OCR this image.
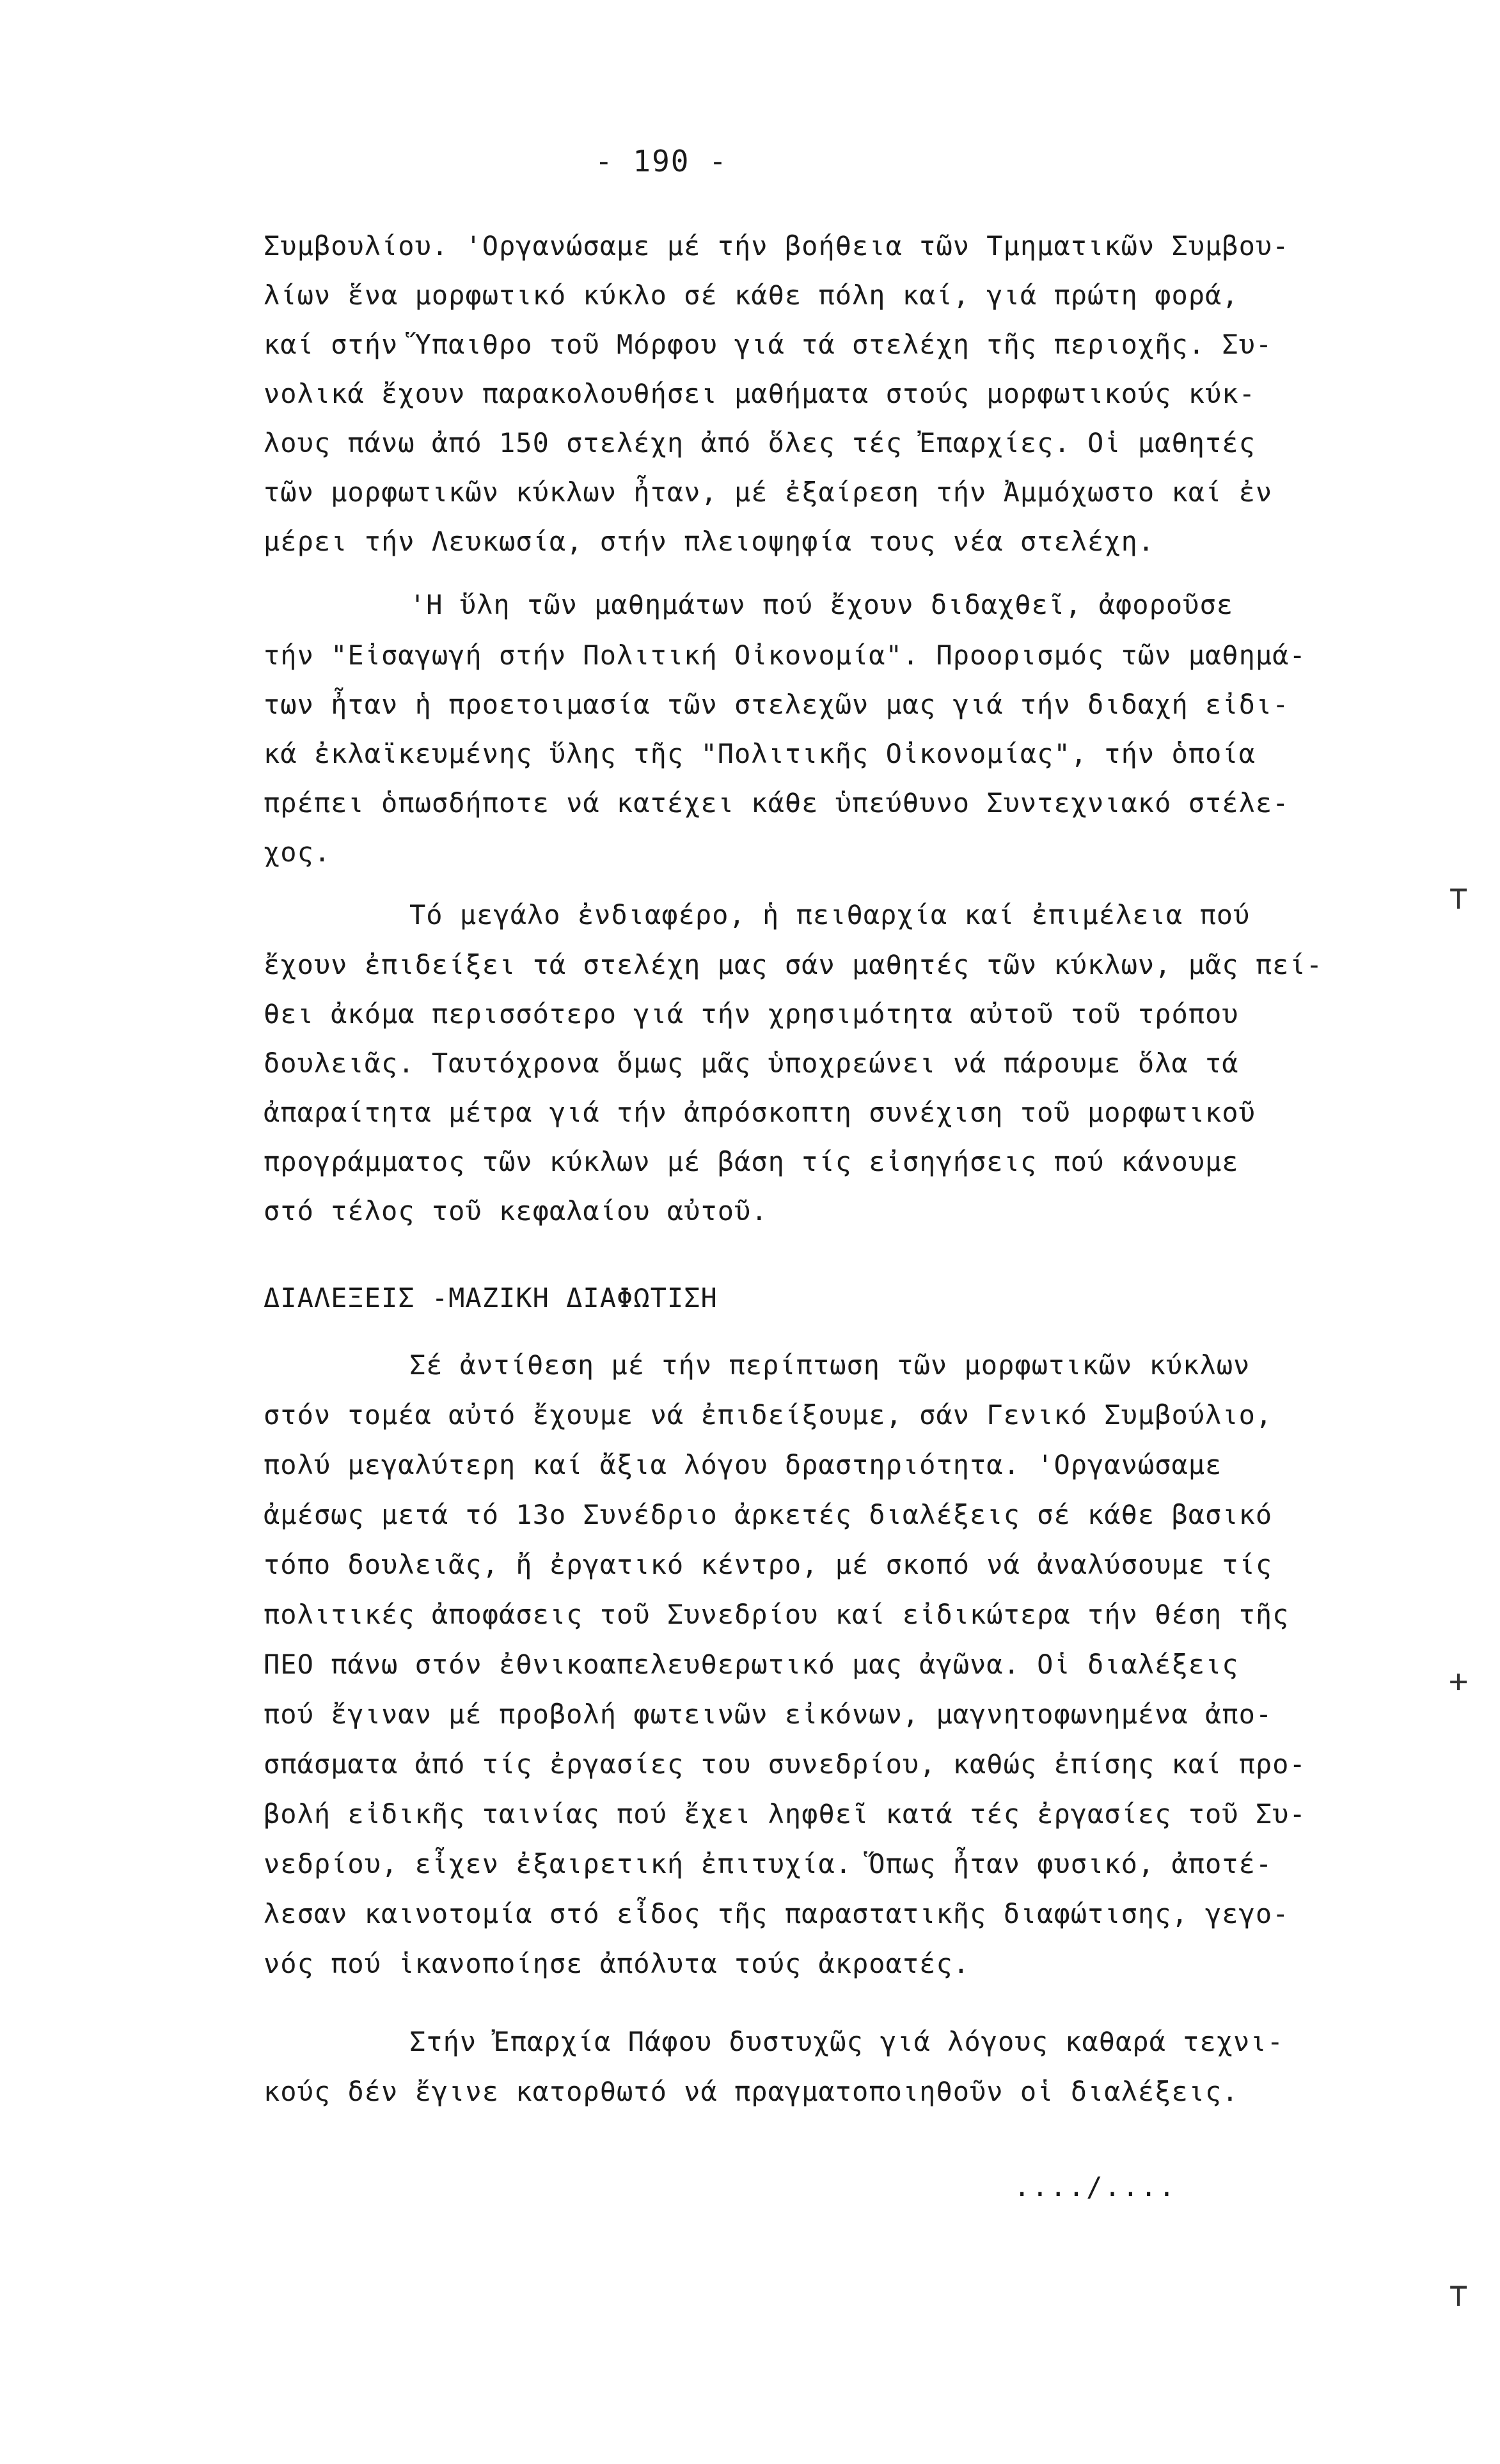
- 190 -
Συμβουλίου. 'Οργανώσαμε μέ τήν βοήθεια τῶν Τμηματικῶν Συμβου-
λίων ἕνα μορφωτικό κύκλο σέ κάθε πόλη καί, γιά πρώτη φορά,
καί στήν Ὕπαιθρο τοῦ Μόρφου γιά τά στελέχη τῆς περιοχῆς. Συ-
νολικά ἔχουν παρακολουθήσει μαθήματα στούς μορφωτικούς κύκ-
λους πάνω ἀπό 150 στελέχη ἀπό ὅλες τές Ἐπαρχίες. Οἱ μαθητές
τῶν μορφωτικῶν κύκλων ἦταν, μέ ἐξαίρεση τήν Ἀμμόχωστο καί ἐν
μέρει τήν Λευκωσία, στήν πλειοψηφία τους νέα στελέχη.
'Η ὕλη τῶν μαθημάτων πού ἔχουν διδαχθεῖ, ἀφοροῦσε
τήν "Εἰσαγωγή στήν Πολιτική Οἰκονομία". Προορισμός τῶν μαθημά-
των ἦταν ἡ προετοιμασία τῶν στελεχῶν μας γιά τήν διδαχή εἰδι-
κά ἐκλαϊκευμένης ὕλης τῆς "Πολιτικῆς Οἰκονομίας", τήν ὁποία
πρέπει ὁπωσδήποτε νά κατέχει κάθε ὑπεύθυνο Συντεχνιακό στέλε-
χος.
Τό μεγάλο ἐνδιαφέρο, ἡ πειθαρχία καί ἐπιμέλεια πού
ἔχουν ἐπιδείξει τά στελέχη μας σάν μαθητές τῶν κύκλων, μᾶς πεί-
θει ἀκόμα περισσότερο γιά τήν χρησιμότητα αὐτοῦ τοῦ τρόπου
δουλειᾶς. Ταυτόχρονα ὅμως μᾶς ὑποχρεώνει νά πάρουμε ὅλα τά
ἀπαραίτητα μέτρα γιά τήν ἀπρόσκοπτη συνέχιση τοῦ μορφωτικοῦ
προγράμματος τῶν κύκλων μέ βάση τίς εἰσηγήσεις πού κάνουμε
στό τέλος τοῦ κεφαλαίου αὐτοῦ.
ΔΙΑΛΕΞΕΙΣ -ΜΑΖΙΚΗ ΔΙΑΦΩΤΙΣΗ
Σέ ἀντίθεση μέ τήν περίπτωση τῶν μορφωτικῶν κύκλων
στόν τομέα αὐτό ἔχουμε νά ἐπιδείξουμε, σάν Γενικό Συμβούλιο,
πολύ μεγαλύτερη καί ἄξια λόγου δραστηριότητα. 'Οργανώσαμε
ἀμέσως μετά τό 13ο Συνέδριο ἀρκετές διαλέξεις σέ κάθε βασικό
τόπο δουλειᾶς, ἤ ἐργατικό κέντρο, μέ σκοπό νά ἀναλύσουμε τίς
πολιτικές ἀποφάσεις τοῦ Συνεδρίου καί εἰδικώτερα τήν θέση τῆς
ΠΕΟ πάνω στόν ἐθνικοαπελευθερωτικό μας ἀγῶνα. Οἱ διαλέξεις
πού ἔγιναν μέ προβολή φωτεινῶν εἰκόνων, μαγνητοφωνημένα ἀπο-
σπάσματα ἀπό τίς ἐργασίες του συνεδρίου, καθώς ἐπίσης καί προ-
βολή εἰδικῆς ταινίας πού ἔχει ληφθεῖ κατά τές ἐργασίες τοῦ Συ-
νεδρίου, εἶχεν ἐξαιρετική ἐπιτυχία. Ὅπως ἦταν φυσικό, ἀποτέ-
λεσαν καινοτομία στό εἶδος τῆς παραστατικῆς διαφώτισης, γεγο-
νός πού ἱκανοποίησε ἀπόλυτα τούς ἀκροατές.
Στήν Ἐπαρχία Πάφου δυστυχῶς γιά λόγους καθαρά τεχνι-
κούς δέν ἔγινε κατορθωτό νά πραγματοποιηθοῦν οἱ διαλέξεις.
..../....
⊤
+
⊤
